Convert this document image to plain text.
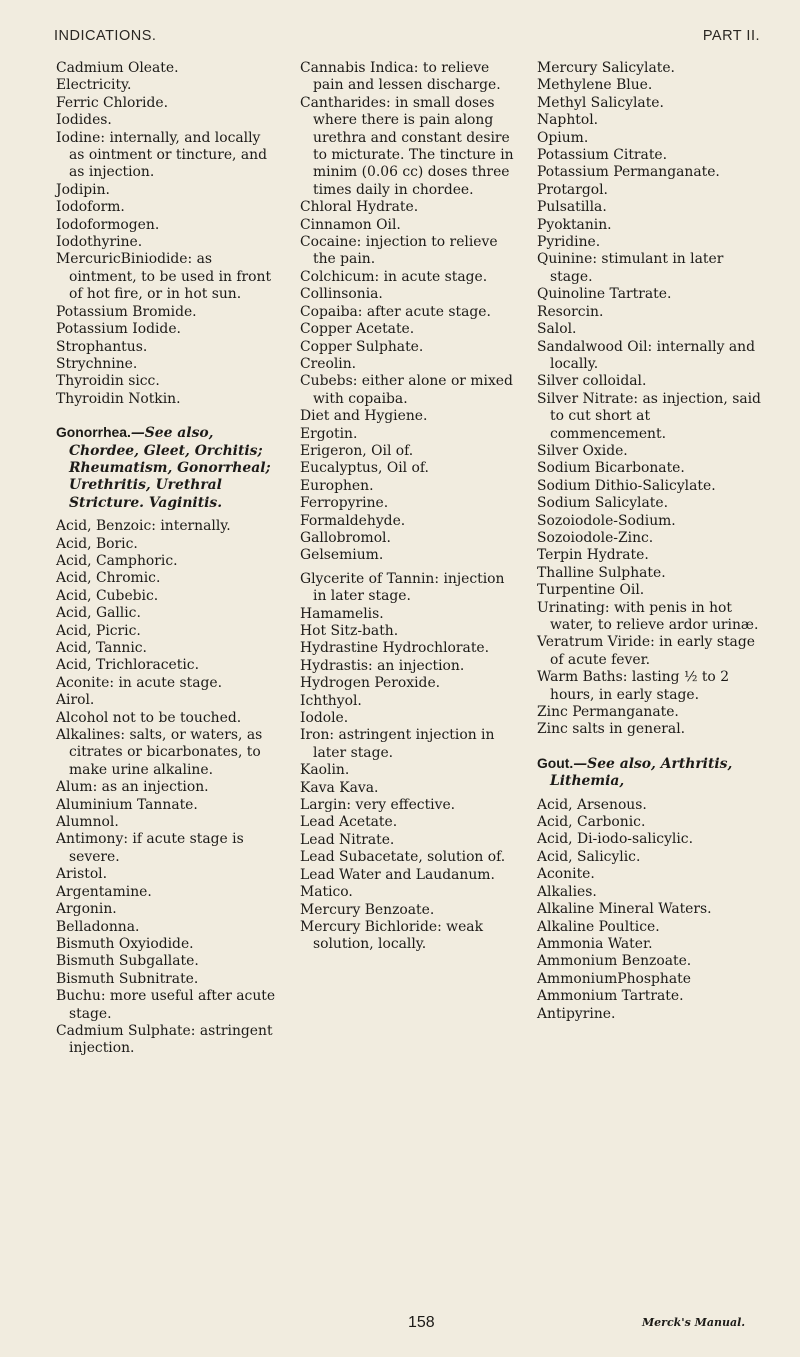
INDICATIONS.	PART II.

Cadmium Oleate.

Electricity.

Ferric Chloride.

Iodides.

Iodine: internally, and locally as ointment or tincture, and as injection.

Jodipin.

Iodoform.

Iodoformogen.

Iodothyrine.

MercuricBiniodide: as ointment, to be used in front of hot fire, or in hot sun.

Potassium Bromide.

Potassium Iodide.

Strophantus.

Strychnine.

Thyroidin sicc.

Thyroidin Notkin.

Gonorrhea.—See also, Chordee, Gleet, Orchitis; Rheumatism, Gonorrheal; Urethritis, Urethral Stricture. Vaginitis.

Acid, Benzoic: internally.

Acid, Boric.

Acid, Camphoric.

Acid, Chromic.

Acid, Cubebic.

Acid, Gallic.

Acid, Picric.

Acid, Tannic.

Acid, Trichloracetic.

Aconite: in acute stage.

Airol.

Alcohol not to be touched.

Alkalines: salts, or waters, as citrates or bicarbonates, to make urine alkaline.

Alum: as an injection.

Aluminium Tannate.

Alumnol.

Antimony: if acute stage is severe.

Aristol.

Argentamine.

Argonin.

Belladonna.

Bismuth Oxyiodide.

Bismuth Subgallate.

Bismuth Subnitrate.

Buchu: more useful after acute stage.

Cadmium Sulphate: astringent injection.

Cannabis Indica: to relieve pain and lessen discharge.

Cantharides: in small doses where there is pain along urethra and constant desire to micturate. The tincture in minim (0.06 cc) doses three times daily in chordee.

Chloral Hydrate.

Cinnamon Oil.

Cocaine: injection to relieve the pain.

Colchicum: in acute stage.

Collinsonia.

Copaiba: after acute stage.

Copper Acetate.

Copper Sulphate.

Creolin.

Cubebs: either alone or mixed with copaiba.

Diet and Hygiene.

Ergotin.

Erigeron, Oil of.

Eucalyptus, Oil of.

Europhen.

Ferropyrine.

Formaldehyde.

Gallobromol.

Gelsemium.

Glycerite of Tannin: injection in later stage.

Hamamelis.

Hot Sitz-bath.

Hydrastine Hydrochlorate.

Hydrastis: an injection.

Hydrogen Peroxide.

Ichthyol.

Iodole.

Iron: astringent injection in later stage.

Kaolin.

Kava Kava.

Largin: very effective.

Lead Acetate.

Lead Nitrate.

Lead Subacetate, solution of.

Lead Water and Laudanum.

Matico.

Mercury Benzoate.

Mercury Bichloride: weak solution, locally.

Mercury Salicylate.

Methylene Blue.

Methyl Salicylate.

Naphtol.

Opium.

Potassium Citrate.

Potassium Permanganate.

Protargol.

Pulsatilla.

Pyoktanin.

Pyridine.

Quinine: stimulant in later stage.

Quinoline Tartrate.

Resorcin.

Salol.

Sandalwood Oil: internally and locally.

Silver colloidal.

Silver Nitrate: as injection, said to cut short at commencement.

Silver Oxide.

Sodium Bicarbonate.

Sodium Dithio-Salicylate.

Sodium Salicylate.

Sozoiodole-Sodium.

Sozoiodole-Zinc.

Terpin Hydrate.

Thalline Sulphate.

Turpentine Oil.

Urinating: with penis in hot water, to relieve ardor urinæ.

Veratrum Viride: in early stage of acute fever.

Warm Baths: lasting ½ to 2 hours, in early stage.

Zinc Permanganate.

Zinc salts in general.

Gout.—See also, Arthritis, Lithemia,

Acid, Arsenous.

Acid, Carbonic.

Acid, Di-iodo-salicylic.

Acid, Salicylic.

Aconite.

Alkalies.

Alkaline Mineral Waters.

Alkaline Poultice.

Ammonia Water.

Ammonium Benzoate.

AmmoniumPhosphate

Ammonium Tartrate.

Antipyrine.

158	Merck's Manual.
